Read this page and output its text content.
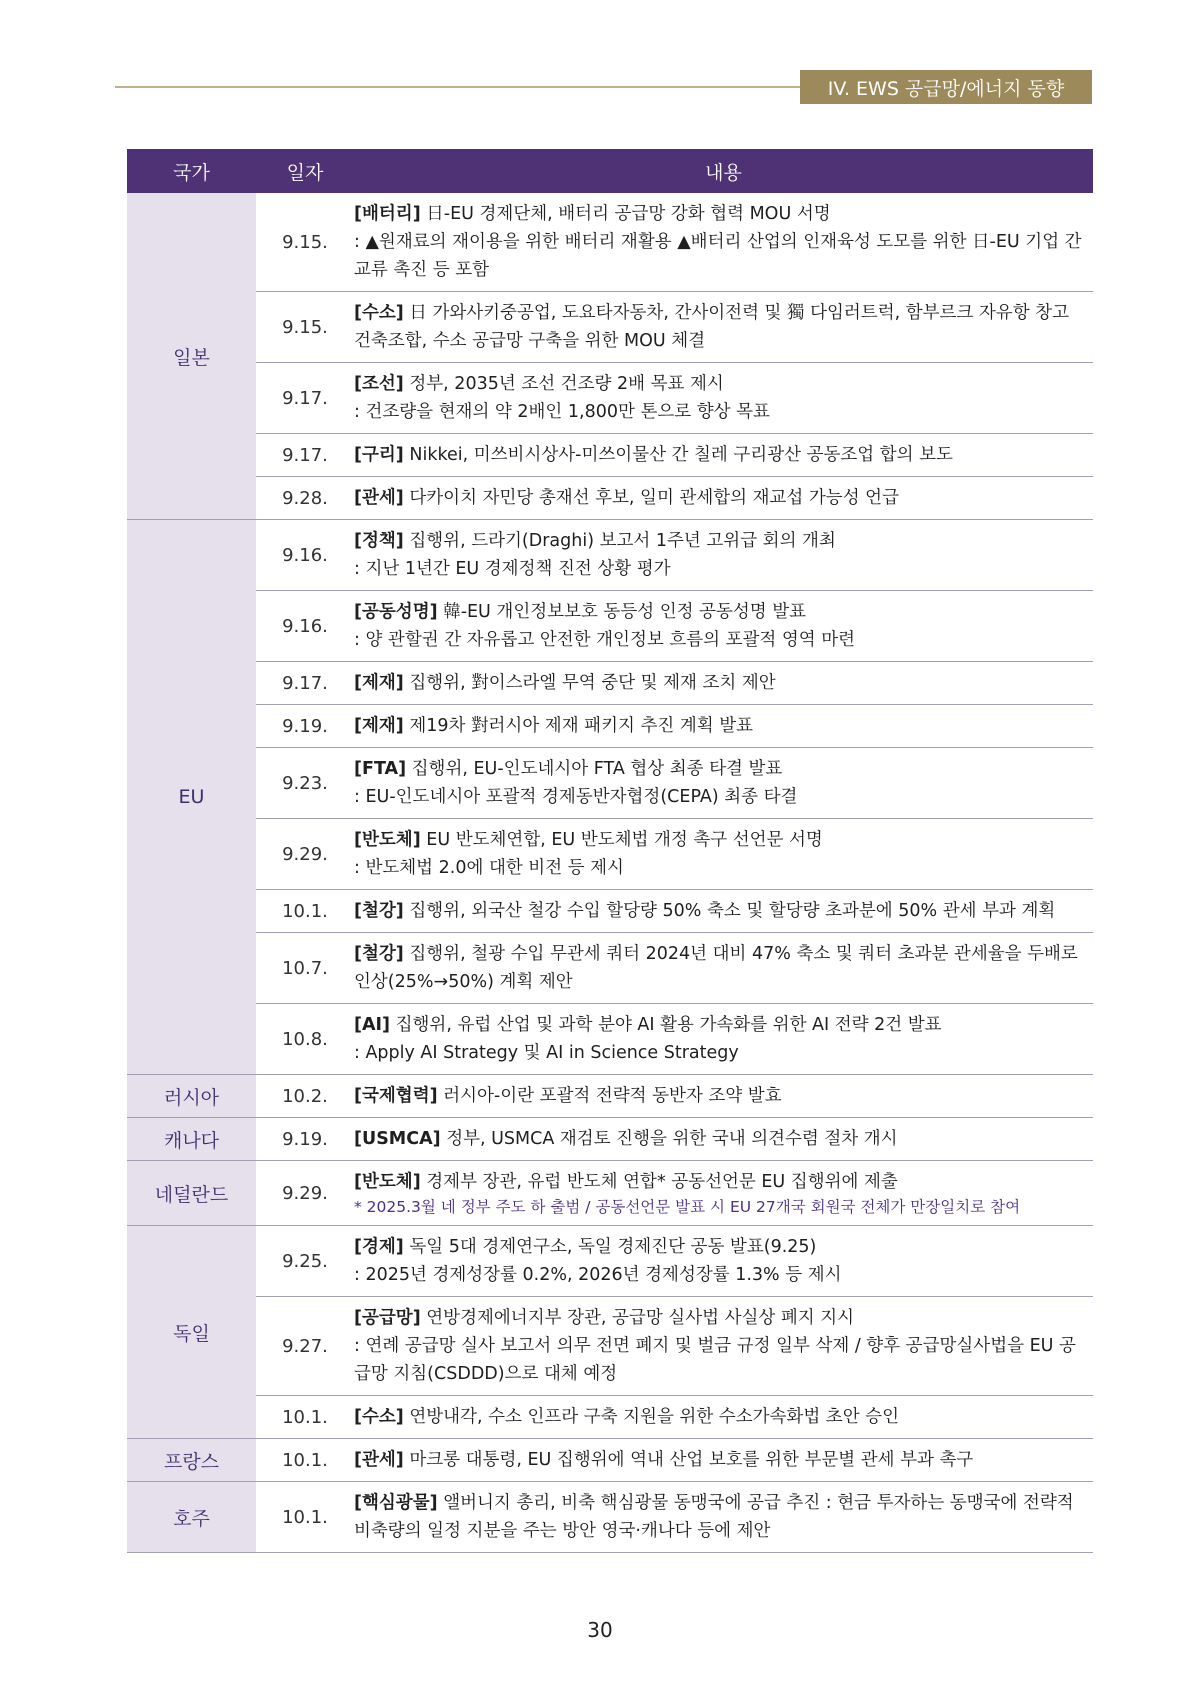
IV. EWS 공급망/에너지 동향
국가	일자	내용
일본	9.15.	[배터리] 日-EU 경제단체, 배터리 공급망 강화 협력 MOU 서명
: ▲원재료의 재이용을 위한 배터리 재활용 ▲배터리 산업의 인재육성 도모를 위한 日-EU 기업 간 교류 촉진 등 포함

	9.15.	[수소] 日 가와사키중공업, 도요타자동차, 간사이전력 및 獨 다임러트럭, 함부르크 자유항 창고건축조합, 수소 공급망 구축을 위한 MOU 체결
	9.17.	[조선] 정부, 2035년 조선 건조량 2배 목표 제시
: 건조량을 현재의 약 2배인 1,800만 톤으로 향상 목표

	9.17.	[구리] Nikkei, 미쓰비시상사-미쓰이물산 간 칠레 구리광산 공동조업 합의 보도
	9.28.	[관세] 다카이치 자민당 총재선 후보, 일미 관세합의 재교섭 가능성 언급
EU	9.16.	[정책] 집행위, 드라기(Draghi) 보고서 1주년 고위급 회의 개최
: 지난 1년간 EU 경제정책 진전 상황 평가

	9.16.	[공동성명] 韓-EU 개인정보보호 동등성 인정 공동성명 발표
: 양 관할권 간 자유롭고 안전한 개인정보 흐름의 포괄적 영역 마련

	9.17.	[제재] 집행위, 對이스라엘 무역 중단 및 제재 조치 제안
	9.19.	[제재] 제19차 對러시아 제재 패키지 추진 계획 발표
	9.23.	[FTA] 집행위, EU-인도네시아 FTA 협상 최종 타결 발표
: EU-인도네시아 포괄적 경제동반자협정(CEPA) 최종 타결

	9.29.	[반도체] EU 반도체연합, EU 반도체법 개정 촉구 선언문 서명
: 반도체법 2.0에 대한 비전 등 제시

	10.1.	[철강] 집행위, 외국산 철강 수입 할당량 50% 축소 및 할당량 초과분에 50% 관세 부과 계획
	10.7.	[철강] 집행위, 철광 수입 무관세 쿼터 2024년 대비 47% 축소 및 쿼터 초과분 관세율을 두배로 인상(25%→50%) 계획 제안
	10.8.	[AI] 집행위, 유럽 산업 및 과학 분야 AI 활용 가속화를 위한 AI 전략 2건 발표
: Apply AI Strategy 및 AI in Science Strategy

러시아	10.2.	[국제협력] 러시아-이란 포괄적 전략적 동반자 조약 발효
캐나다	9.19.	[USMCA] 정부, USMCA 재검토 진행을 위한 국내 의견수렴 절차 개시
네덜란드	9.29.	[반도체] 경제부 장관, 유럽 반도체 연합* 공동선언문 EU 집행위에 제출
* 2025.3월 네 정부 주도 하 출범 / 공동선언문 발표 시 EU 27개국 회원국 전체가 만장일치로 참여

독일	9.25.	[경제] 독일 5대 경제연구소, 독일 경제진단 공동 발표(9.25)
: 2025년 경제성장률 0.2%, 2026년 경제성장률 1.3% 등 제시

	9.27.	[공급망] 연방경제에너지부 장관, 공급망 실사법 사실상 폐지 지시
: 연례 공급망 실사 보고서 의무 전면 폐지 및 벌금 규정 일부 삭제 / 향후 공급망실사법을 EU 공급망 지침(CSDDD)으로 대체 예정

	10.1.	[수소] 연방내각, 수소 인프라 구축 지원을 위한 수소가속화법 초안 승인
프랑스	10.1.	[관세] 마크롱 대통령, EU 집행위에 역내 산업 보호를 위한 부문별 관세 부과 촉구
호주	10.1.	[핵심광물] 앨버니지 총리, 비축 핵심광물 동맹국에 공급 추진 : 현금 투자하는 동맹국에 전략적 비축량의 일정 지분을 주는 방안 영국·캐나다 등에 제안
30
